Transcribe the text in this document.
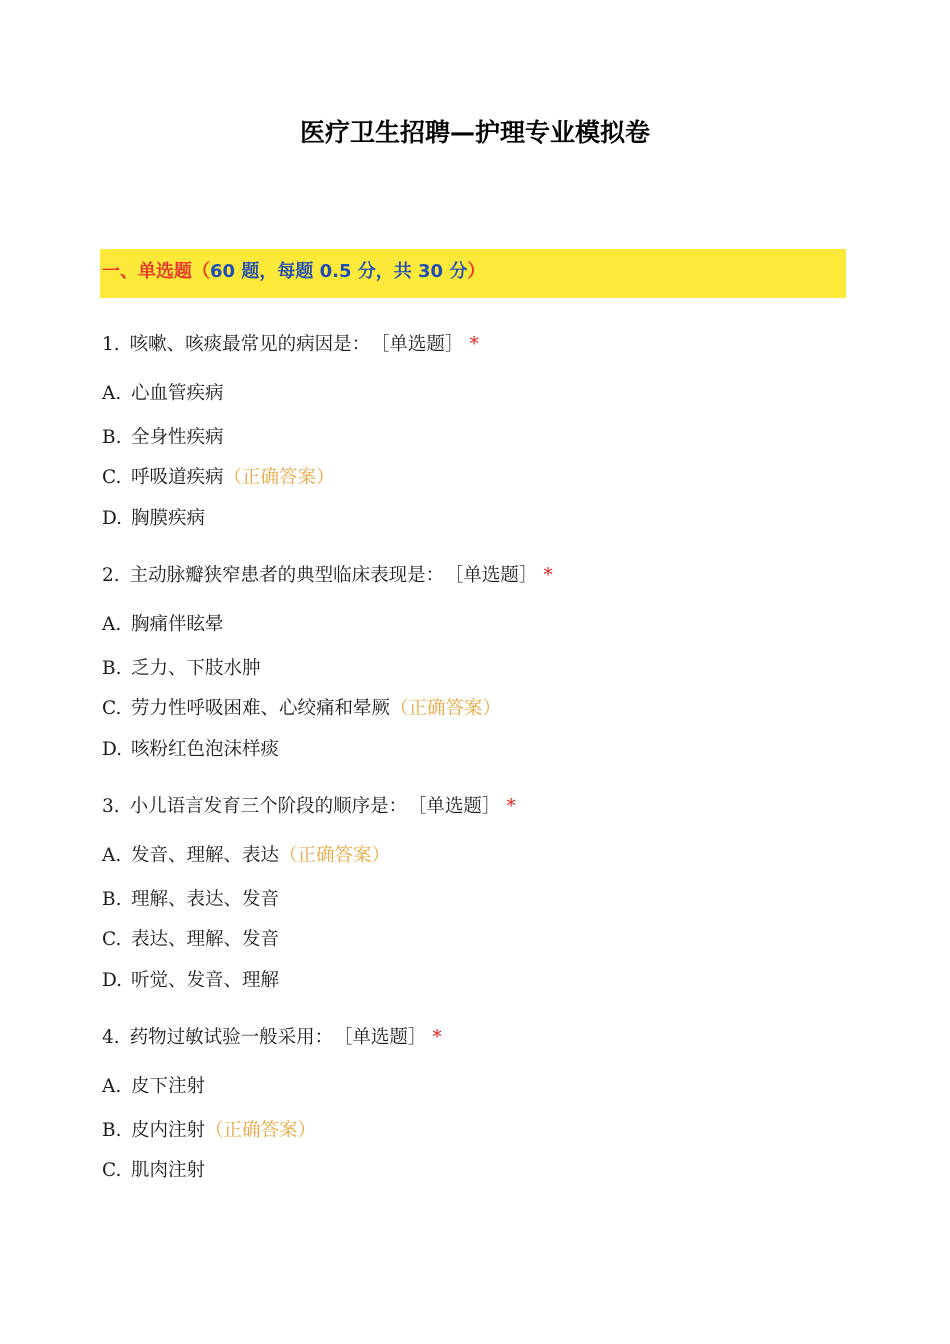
医疗卫生招聘—护理专业模拟卷
一、单选题（60 题，每题 0.5 分，共 30 分）
1. 咳嗽、咳痰最常见的病因是： ［单选题］ *
A. 心血管疾病
B. 全身性疾病
C. 呼吸道疾病（正确答案）
D. 胸膜疾病
2. 主动脉瓣狭窄患者的典型临床表现是： ［单选题］ *
A. 胸痛伴眩晕
B. 乏力、下肢水肿
C. 劳力性呼吸困难、心绞痛和晕厥（正确答案）
D. 咳粉红色泡沫样痰
3. 小儿语言发育三个阶段的顺序是： ［单选题］ *
A. 发音、理解、表达（正确答案）
B. 理解、表达、发音
C. 表达、理解、发音
D. 听觉、发音、理解
4. 药物过敏试验一般采用： ［单选题］ *
A. 皮下注射
B. 皮内注射（正确答案）
C. 肌肉注射
